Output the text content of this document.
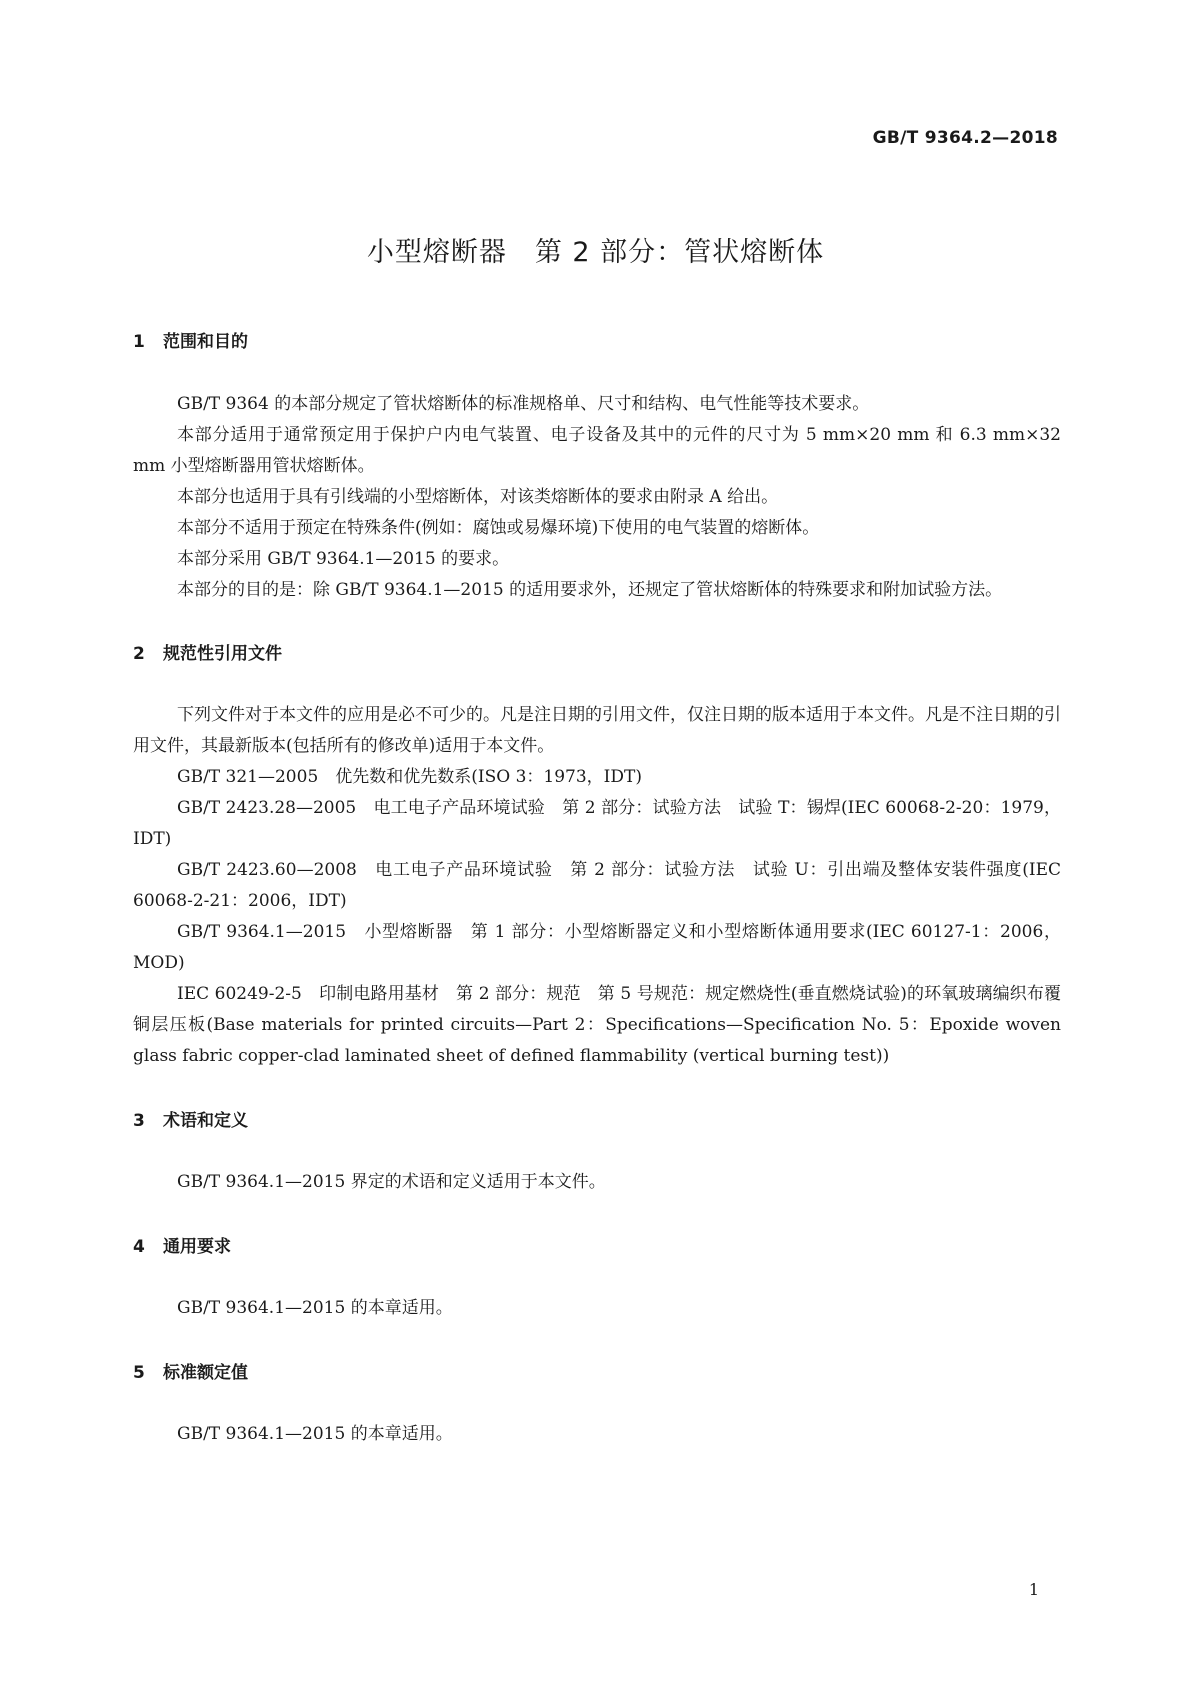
GB/T 9364.2—2018
小型熔断器　第 2 部分：管状熔断体
1 范围和目的

GB/T 9364 的本部分规定了管状熔断体的标准规格单、尺寸和结构、电气性能等技术要求。

本部分适用于通常预定用于保护户内电气装置、电子设备及其中的元件的尺寸为 5 mm×20 mm 和 6.3 mm×32 mm 小型熔断器用管状熔断体。

本部分也适用于具有引线端的小型熔断体，对该类熔断体的要求由附录 A 给出。

本部分不适用于预定在特殊条件(例如：腐蚀或易爆环境)下使用的电气装置的熔断体。

本部分采用 GB/T 9364.1—2015 的要求。

本部分的目的是：除 GB/T 9364.1—2015 的适用要求外，还规定了管状熔断体的特殊要求和附加试验方法。

2 规范性引用文件

下列文件对于本文件的应用是必不可少的。凡是注日期的引用文件，仅注日期的版本适用于本文件。凡是不注日期的引用文件，其最新版本(包括所有的修改单)适用于本文件。

GB/T 321—2005　优先数和优先数系(ISO 3：1973，IDT)

GB/T 2423.28—2005　电工电子产品环境试验　第 2 部分：试验方法　试验 T：锡焊(IEC 60068-2-20：1979，IDT)

GB/T 2423.60—2008　电工电子产品环境试验　第 2 部分：试验方法　试验 U：引出端及整体安装件强度(IEC 60068-2-21：2006，IDT)

GB/T 9364.1—2015　小型熔断器　第 1 部分：小型熔断器定义和小型熔断体通用要求(IEC 60127-1：2006，MOD)

IEC 60249-2-5　印制电路用基材　第 2 部分：规范　第 5 号规范：规定燃烧性(垂直燃烧试验)的环氧玻璃编织布覆铜层压板(Base materials for printed circuits—Part 2：Specifications—Specification No. 5：Epoxide woven glass fabric copper-clad laminated sheet of defined flammability (vertical burning test))

3 术语和定义

GB/T 9364.1—2015 界定的术语和定义适用于本文件。

4 通用要求

GB/T 9364.1—2015 的本章适用。

5 标准额定值

GB/T 9364.1—2015 的本章适用。

1
